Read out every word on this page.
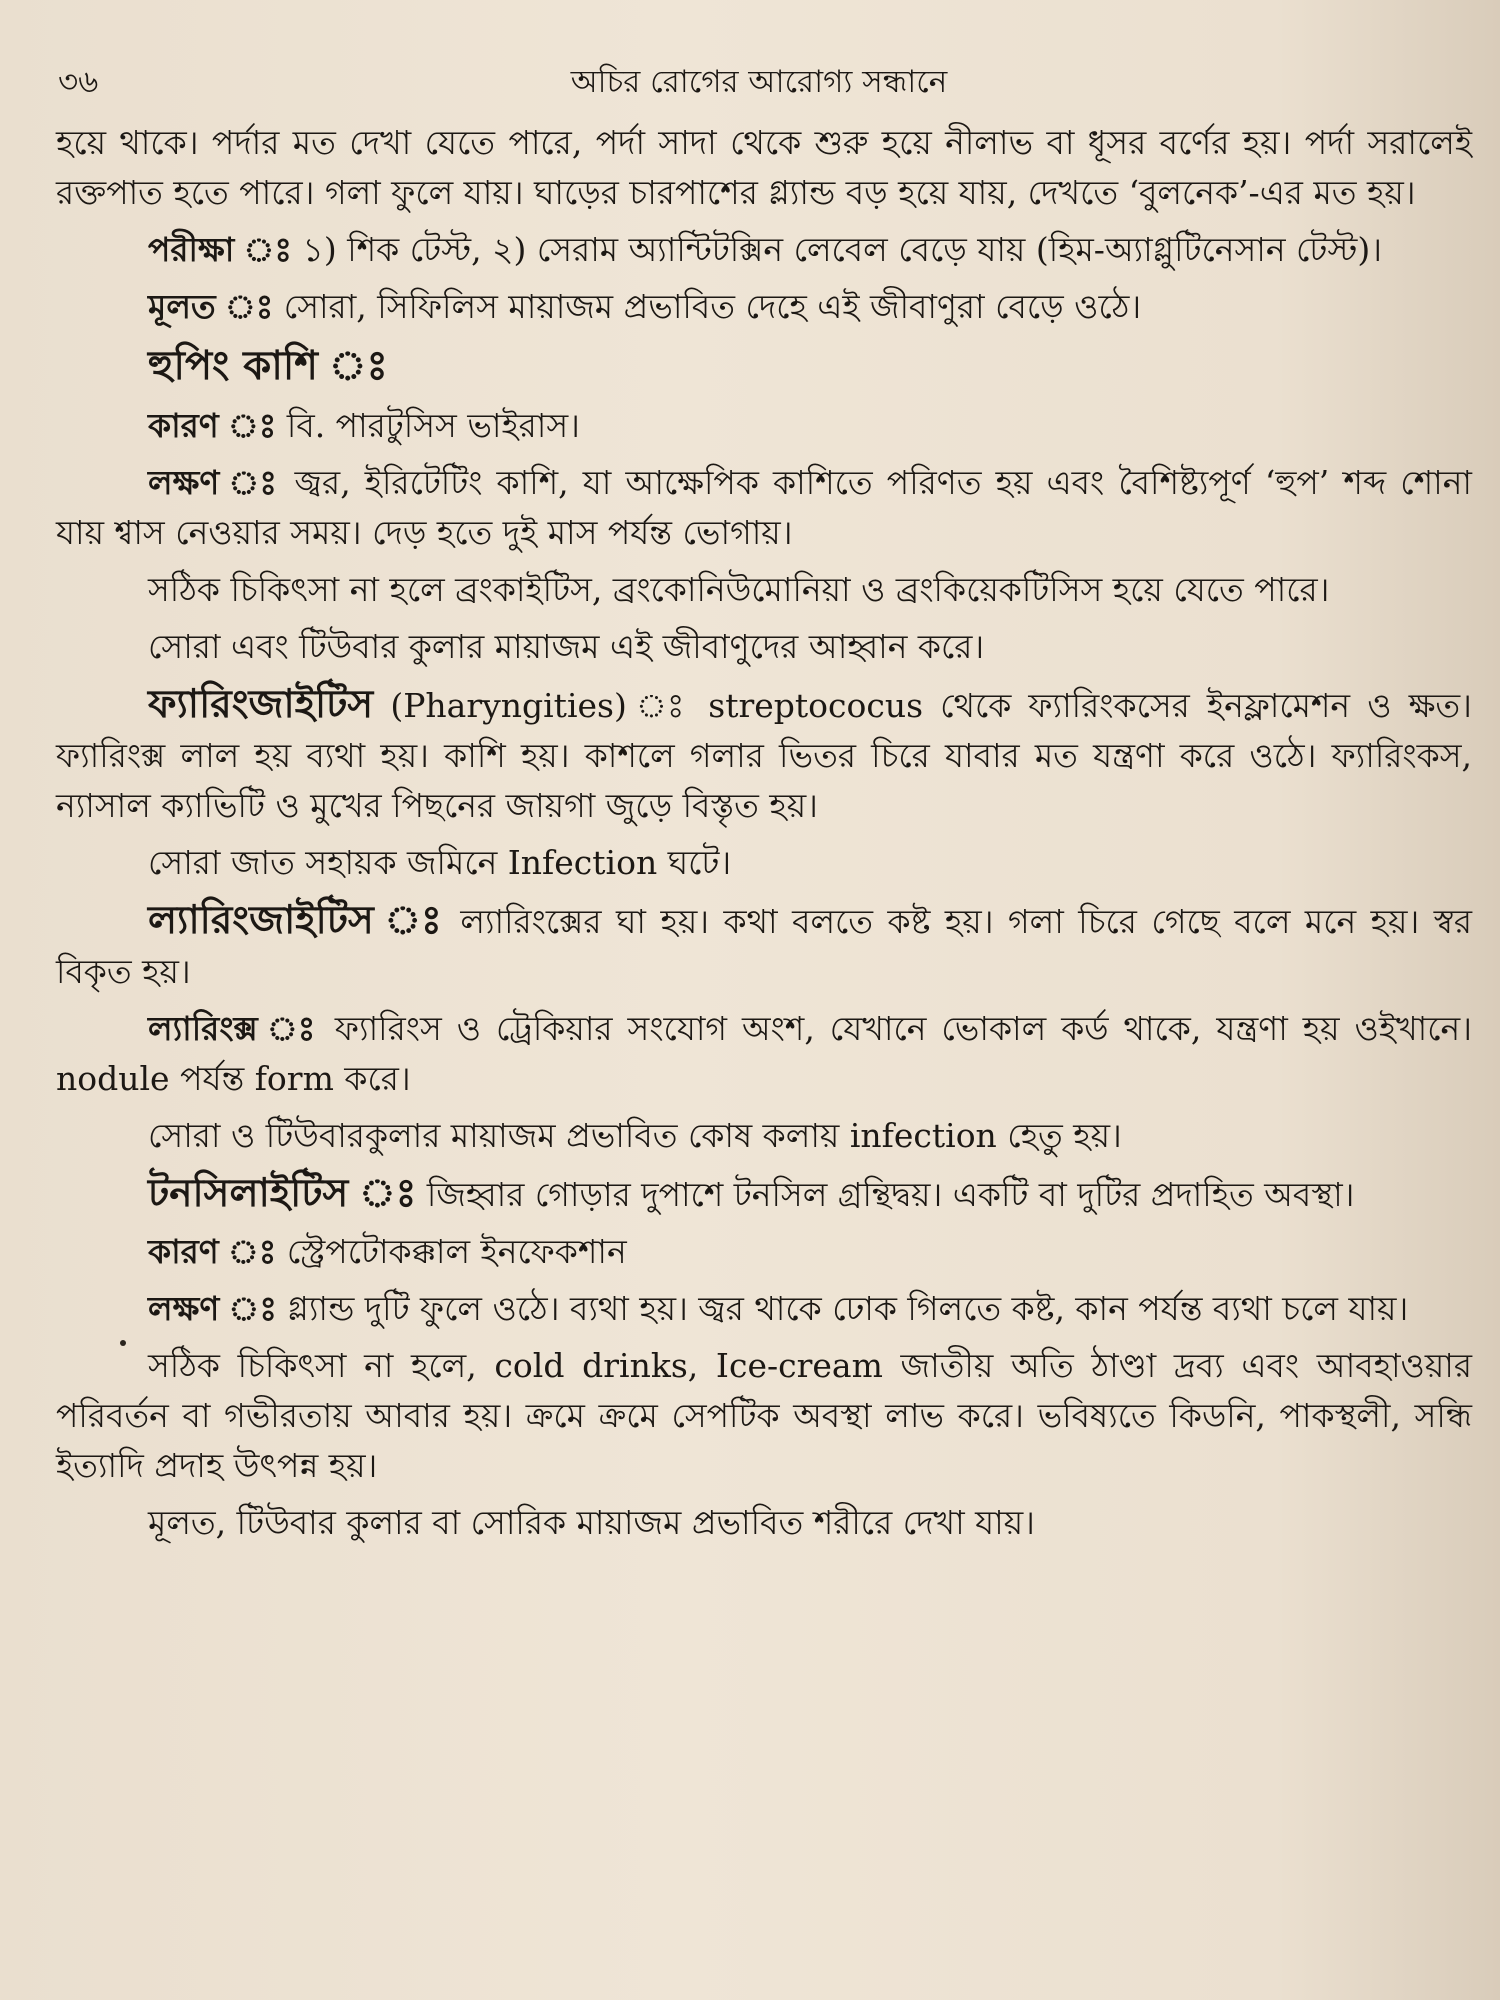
৩৬	অচির রোগের আরোগ্য সন্ধানে

হয়ে থাকে। পর্দার মত দেখা যেতে পারে, পর্দা সাদা থেকে শুরু হয়ে নীলাভ বা ধূসর বর্ণের হয়। পর্দা সরালেই রক্তপাত হতে পারে। গলা ফুলে যায়। ঘাড়ের চারপাশের গ্ল্যান্ড বড় হয়ে যায়, দেখতে ‘বুলনেক’-এর মত হয়।

পরীক্ষা ঃ ১) শিক টেস্ট, ২) সেরাম অ্যান্টিটক্সিন লেবেল বেড়ে যায় (হিম-অ্যাগ্লুটিনেসান টেস্ট)।

মূলত ঃ সোরা, সিফিলিস মায়াজম প্রভাবিত দেহে এই জীবাণুরা বেড়ে ওঠে।

হুপিং কাশি ঃ

কারণ ঃ বি. পারটুসিস ভাইরাস।

লক্ষণ ঃ জ্বর, ইরিটেটিং কাশি, যা আক্ষেপিক কাশিতে পরিণত হয় এবং বৈশিষ্ট্যপূর্ণ ‘হুপ’ শব্দ শোনা যায় শ্বাস নেওয়ার সময়। দেড় হতে দুই মাস পর্যন্ত ভোগায়।

সঠিক চিকিৎসা না হলে ব্রংকাইটিস, ব্রংকোনিউমোনিয়া ও ব্রংকিয়েকটিসিস হয়ে যেতে পারে।

সোরা এবং টিউবার কুলার মায়াজম এই জীবাণুদের আহ্বান করে।

ফ্যারিংজাইটিস (Pharyngities) ঃ streptococus থেকে ফ্যারিংকসের ইনফ্লামেশন ও ক্ষত। ফ্যারিংক্স লাল হয় ব্যথা হয়। কাশি হয়। কাশলে গলার ভিতর চিরে যাবার মত যন্ত্রণা করে ওঠে। ফ্যারিংকস, ন্যাসাল ক্যাভিটি ও মুখের পিছনের জায়গা জুড়ে বিস্তৃত হয়।

সোরা জাত সহায়ক জমিনে Infection ঘটে।

ল্যারিংজাইটিস ঃ ল্যারিংক্সের ঘা হয়। কথা বলতে কষ্ট হয়। গলা চিরে গেছে বলে মনে হয়। স্বর বিকৃত হয়।

ল্যারিংক্স ঃ ফ্যারিংস ও ট্রেকিয়ার সংযোগ অংশ, যেখানে ভোকাল কর্ড থাকে, যন্ত্রণা হয় ওইখানে। nodule পর্যন্ত form করে।

সোরা ও টিউবারকুলার মায়াজম প্রভাবিত কোষ কলায় infection হেতু হয়।

টনসিলাইটিস ঃ জিহ্বার গোড়ার দুপাশে টনসিল গ্রন্থিদ্বয়। একটি বা দুটির প্রদাহিত অবস্থা।

কারণ ঃ স্ট্রেপটোকক্কাল ইনফেকশান

লক্ষণ ঃ গ্ল্যান্ড দুটি ফুলে ওঠে। ব্যথা হয়। জ্বর থাকে ঢোক গিলতে কষ্ট, কান পর্যন্ত ব্যথা চলে যায়।

সঠিক চিকিৎসা না হলে, cold drinks, Ice-cream জাতীয় অতি ঠাণ্ডা দ্রব্য এবং আবহাওয়ার পরিবর্তন বা গভীরতায় আবার হয়। ক্রমে ক্রমে সেপটিক অবস্থা লাভ করে। ভবিষ্যতে কিডনি, পাকস্থলী, সন্ধি ইত্যাদি প্রদাহ উৎপন্ন হয়।

মূলত, টিউবার কুলার বা সোরিক মায়াজম প্রভাবিত শরীরে দেখা যায়।
